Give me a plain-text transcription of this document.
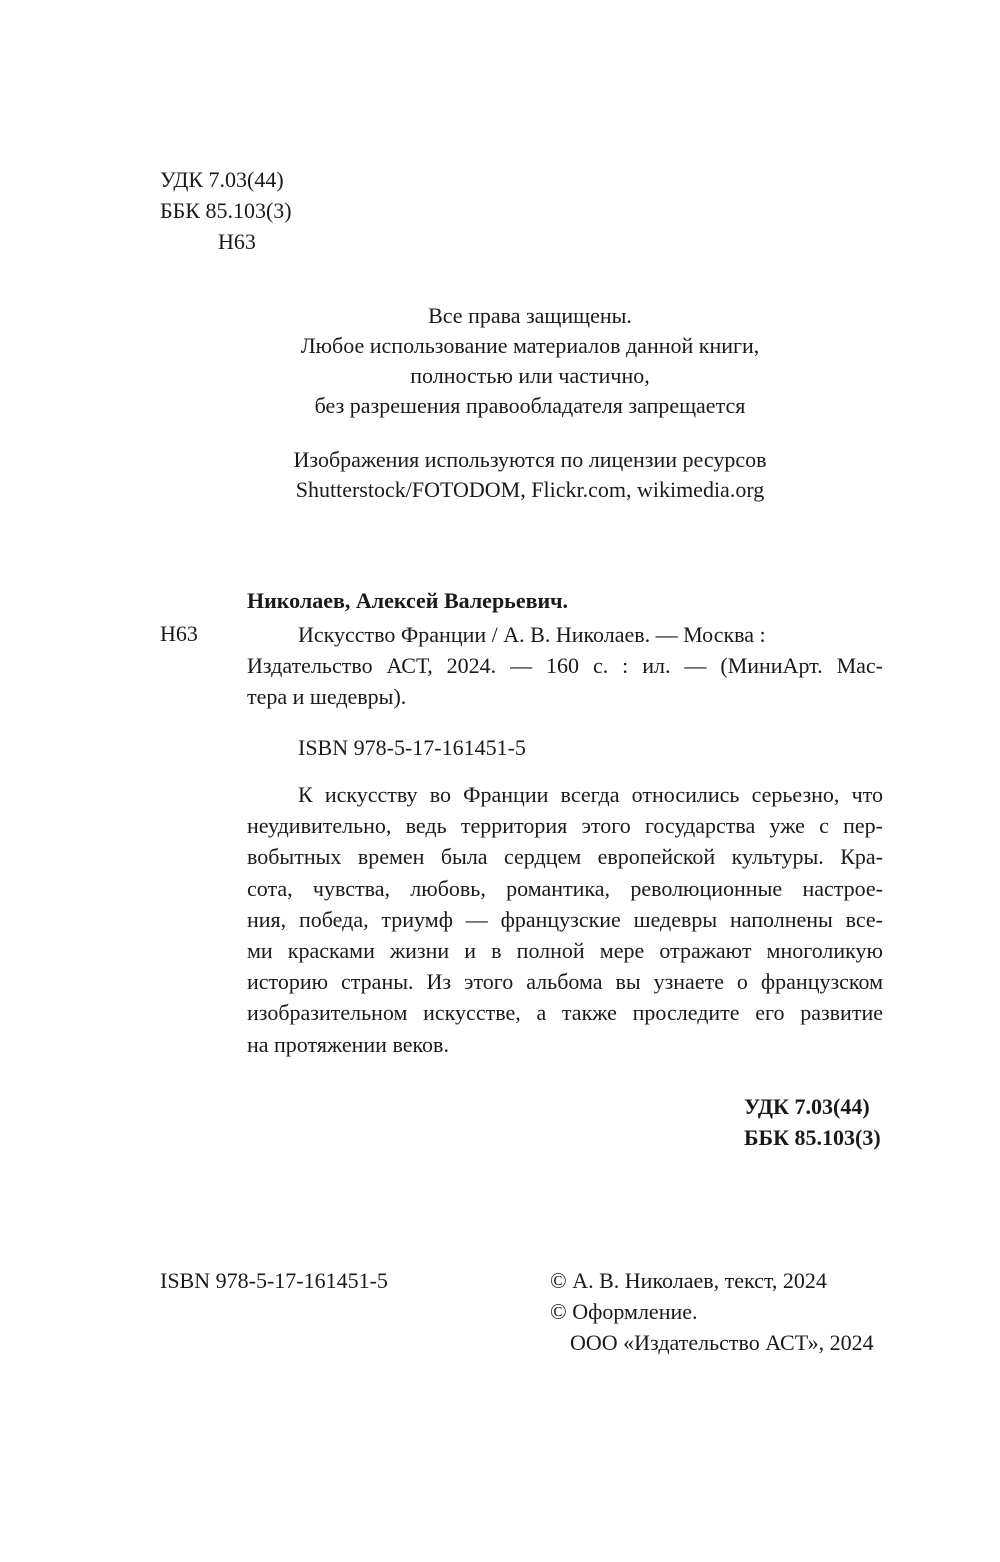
УДК 7.03(44)
ББК 85.103(3)
Н63
Все права защищены.
Любое использование материалов данной книги,
полностью или частично,
без разрешения правообладателя запрещается
Изображения используются по лицензии ресурсов
Shutterstock/FOTODOM, Flickr.com, wikimedia.org
Николаев, Алексей Валерьевич.
Н63	Искусство Франции / А. В. Николаев. — Москва :
Издательство АСТ, 2024. — 160 с. : ил. — (МиниАрт. Мас-
тера и шедевры).
ISBN 978-5-17-161451-5
К искусству во Франции всегда относились серьезно, что
неудивительно, ведь территория этого государства уже с пер-
вобытных времен была сердцем европейской культуры. Кра-
сота, чувства, любовь, романтика, революционные настрое-
ния, победа, триумф — французские шедевры наполнены все-
ми красками жизни и в полной мере отражают многоликую
историю страны. Из этого альбома вы узнаете о французском
изобразительном искусстве, а также проследите его развитие
на протяжении веков.
УДК 7.03(44)
ББК 85.103(3)
ISBN 978-5-17-161451-5	© А. В. Николаев, текст, 2024
© Оформление.
ООО «Издательство АСТ», 2024
